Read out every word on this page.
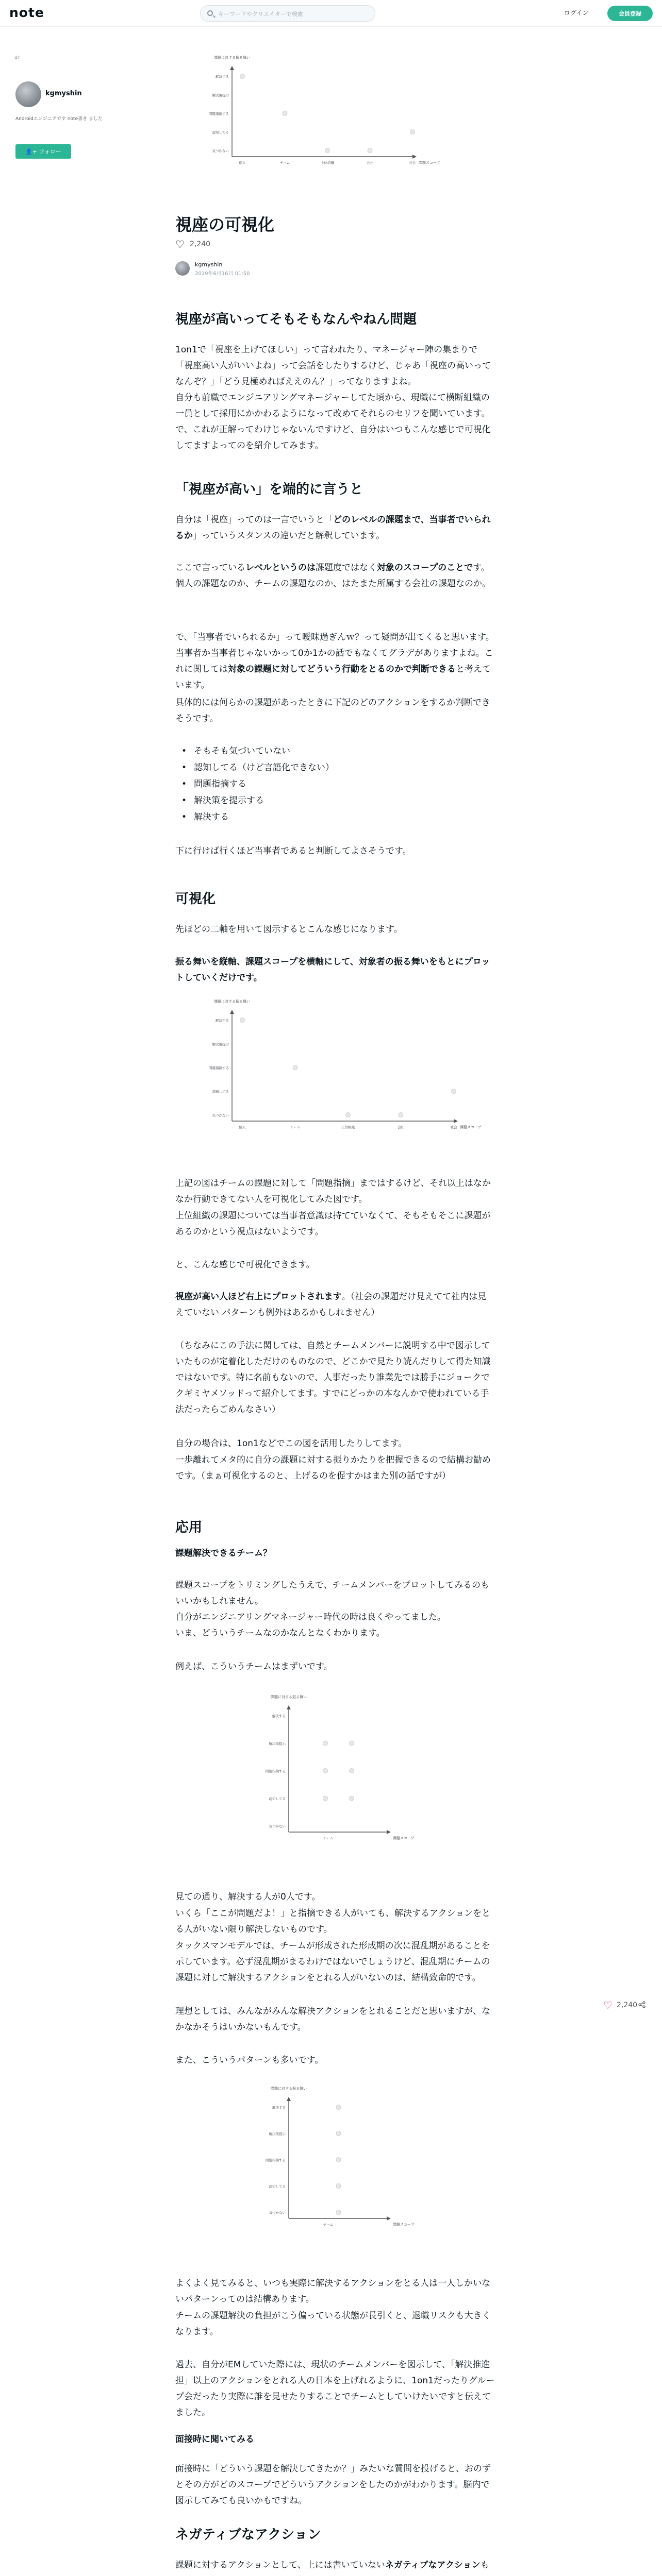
note
キーワードやクリエイターで検索	ログイン	会員登録
41
kgmyshin
Androidエンジニアです note書き ました
👤+ フォロー
課題に対する振る舞い
課題スコープ
気づかない
認知してる
問題指摘する
解決策提示
解決する
個人	チーム	上位組織	会社	社会
視座の可視化
♡ 2,240
kgmyshin
2019年6月16日 01:50
視座が高いってそもそもなんやねん問題

1on1で「視座を上げてほしい」って言われたり、マネージャー陣の集まりで「視座高い人がいいよね」って会話をしたりするけど、じゃあ「視座の高いってなんぞ？」「どう見極めればええのん？」ってなりますよね。

自分も前職でエンジニアリングマネージャーしてた頃から、現職にて横断組織の一員として採用にかかわるようになって改めてそれらのセリフを聞いています。

で、これが正解ってわけじゃないんですけど、自分はいつもこんな感じで可視化してますよってのを紹介してみます。

「視座が高い」を端的に言うと

自分は「視座」ってのは一言でいうと「どのレベルの課題まで、当事者でいられるか」っていうスタンスの違いだと解釈しています。

ここで言っているレベルというのは課題度ではなく対象のスコープのことです。個人の課題なのか、チームの課題なのか、はたまた所属する会社の課題なのか。

で、「当事者でいられるか」って曖昧過ぎんｗ？って疑問が出てくると思います。当事者か当事者じゃないかって0か1かの話でもなくてグラデがありますよね。これに関しては対象の課題に対してどういう行動をとるのかで判断できると考えています。

具体的には何らかの課題があったときに下記のどのアクションをするか判断できそうです。

• そもそも気づいていない
• 認知してる（けど言語化できない）
• 問題指摘する
• 解決策を提示する
• 解決する

下に行けば行くほど当事者であると判断してよさそうです。

可視化

先ほどの二軸を用いて図示するとこんな感じになります。

振る舞いを縦軸、課題スコープを横軸にして、対象者の振る舞いをもとにプロットしていくだけです。

課題に対する振る舞い
課題スコープ
気づかない
認知してる
問題指摘する
解決策提示
解決する
個人	チーム	上位組織	会社	社会

上記の図はチームの課題に対して「問題指摘」まではするけど、それ以上はなかなか行動できてない人を可視化してみた図です。

上位組織の課題については当事者意識は持てていなくて、そもそもそこに課題があるのかという視点はないようです。

と、こんな感じで可視化できます。

視座が高い人ほど右上にプロットされます。（社会の課題だけ見えてて社内は見えていない パターンも例外はあるかもしれません）

（ちなみにこの手法に関しては、自然とチームメンバーに説明する中で図示していたものが定着化しただけのものなので、どこかで見たり読んだりして得た知識ではないです。特に名前もないので、人事だったり誰業先では勝手にジョークでクギミヤメソッドって紹介してます。すでにどっかの本なんかで使われている手法だったらごめんなさい）

自分の場合は、1on1などでこの図を活用したりしてます。

一歩離れてメタ的に自分の課題に対する振りかたりを把握できるので結構お勧めです。（まぁ可視化するのと、上げるのを促すかはまた別の話ですが）

応用
課題解決できるチーム？

課題スコープをトリミングしたうえで、チームメンバーをプロットしてみるのもいいかもしれません。

自分がエンジニアリングマネージャー時代の時は良くやってました。

いま、どういうチームなのかなんとなくわかります。

例えば、こういうチームはまずいです。

課題に対する振る舞い
課題スコープ
気づかない
認知してる
問題指摘する
解決策提示
解決する
チーム

見ての通り、解決する人が0人です。

いくら「ここが問題だよ！」と指摘できる人がいても、解決するアクションをとる人がいない限り解決しないものです。

タックスマンモデルでは、チームが形成された形成期の次に混乱期があることを示しています。必ず混乱期がまるわけではないでしょうけど、混乱期にチームの課題に対して解決するアクションをとれる人がいないのは、結構致命的です。

理想としては、みんながみんな解決アクションをとれることだと思いますが、なかなかそうはいかないもんです。

また、こういうパターンも多いです。

課題に対する振る舞い
課題スコープ
気づかない
認知してる
問題指摘する
解決策提示
解決する
チーム

よくよく見てみると、いつも実際に解決するアクションをとる人は一人しかいないパターンってのは結構あります。

チームの課題解決の負担がこう偏っている状態が長引くと、退職リスクも大きくなります。

過去、自分がEMしていた際には、現状のチームメンバーを図示して、「解決推進担」以上のアクションをとれる人の日本を上げれるように、1on1だったりグループ会だったり実際に誰を見せたりすることでチームとしていけたいですと伝えてました。

面接時に聞いてみる

面接時に「どういう課題を解決してきたか？」みたいな質問を投げると、おのずとその方がどのスコープでどういうアクションをしたのかがわかります。脳内で図示してみても良いかもですね。

ネガティブなアクション

課題に対するアクションとして、上には書いていないネガティブなアクションも

♡ 2,240
